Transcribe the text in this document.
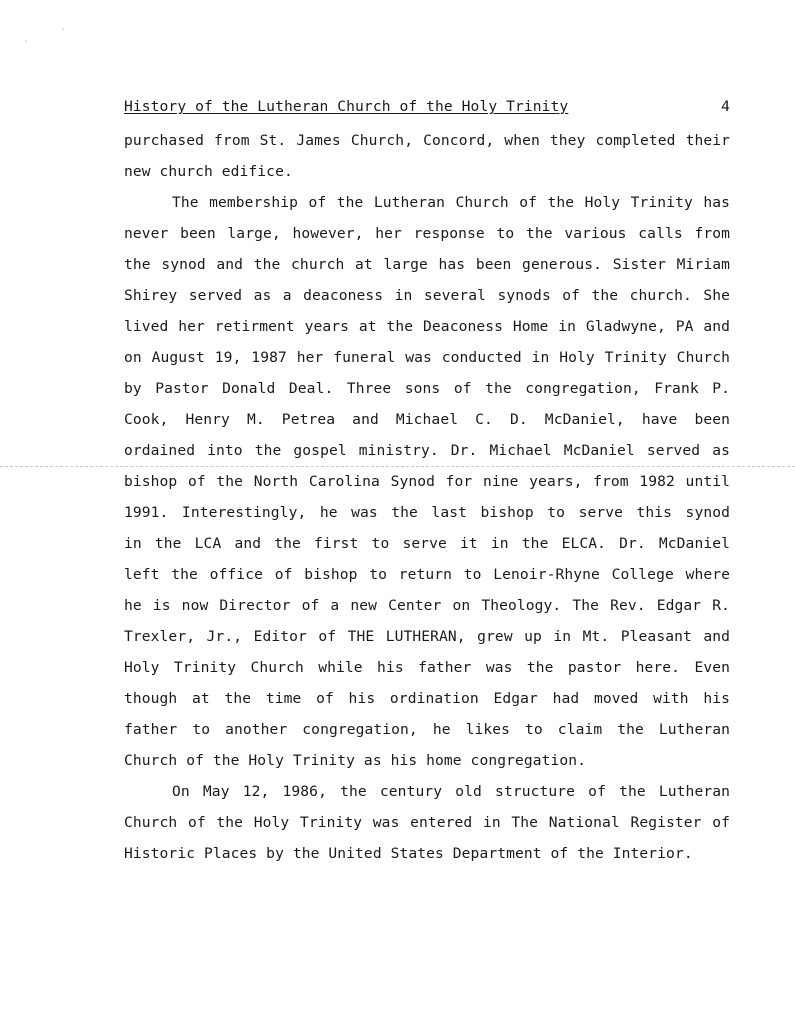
History of the Lutheran Church of the Holy Trinity	4
purchased from St. James Church, Concord, when they completed their
new church edifice.
The membership of the Lutheran Church of the Holy Trinity has
never been large, however, her response to the various calls from
the synod and the church at large has been generous. Sister Miriam
Shirey served as a deaconess in several synods of the church. She
lived her retirment years at the Deaconess Home in Gladwyne, PA and
on August 19, 1987 her funeral was conducted in Holy Trinity Church
by Pastor Donald Deal. Three sons of the congregation, Frank P.
Cook, Henry M. Petrea and Michael C. D. McDaniel, have been
ordained into the gospel ministry. Dr. Michael McDaniel served as
bishop of the North Carolina Synod for nine years, from 1982 until
1991. Interestingly, he was the last bishop to serve this synod
in the LCA and the first to serve it in the ELCA. Dr. McDaniel
left the office of bishop to return to Lenoir-Rhyne College where
he is now Director of a new Center on Theology. The Rev. Edgar R.
Trexler, Jr., Editor of THE LUTHERAN, grew up in Mt. Pleasant and
Holy Trinity Church while his father was the pastor here. Even
though at the time of his ordination Edgar had moved with his
father to another congregation, he likes to claim the Lutheran
Church of the Holy Trinity as his home congregation.
On May 12, 1986, the century old structure of the Lutheran
Church of the Holy Trinity was entered in The National Register of
Historic Places by the United States Department of the Interior.
